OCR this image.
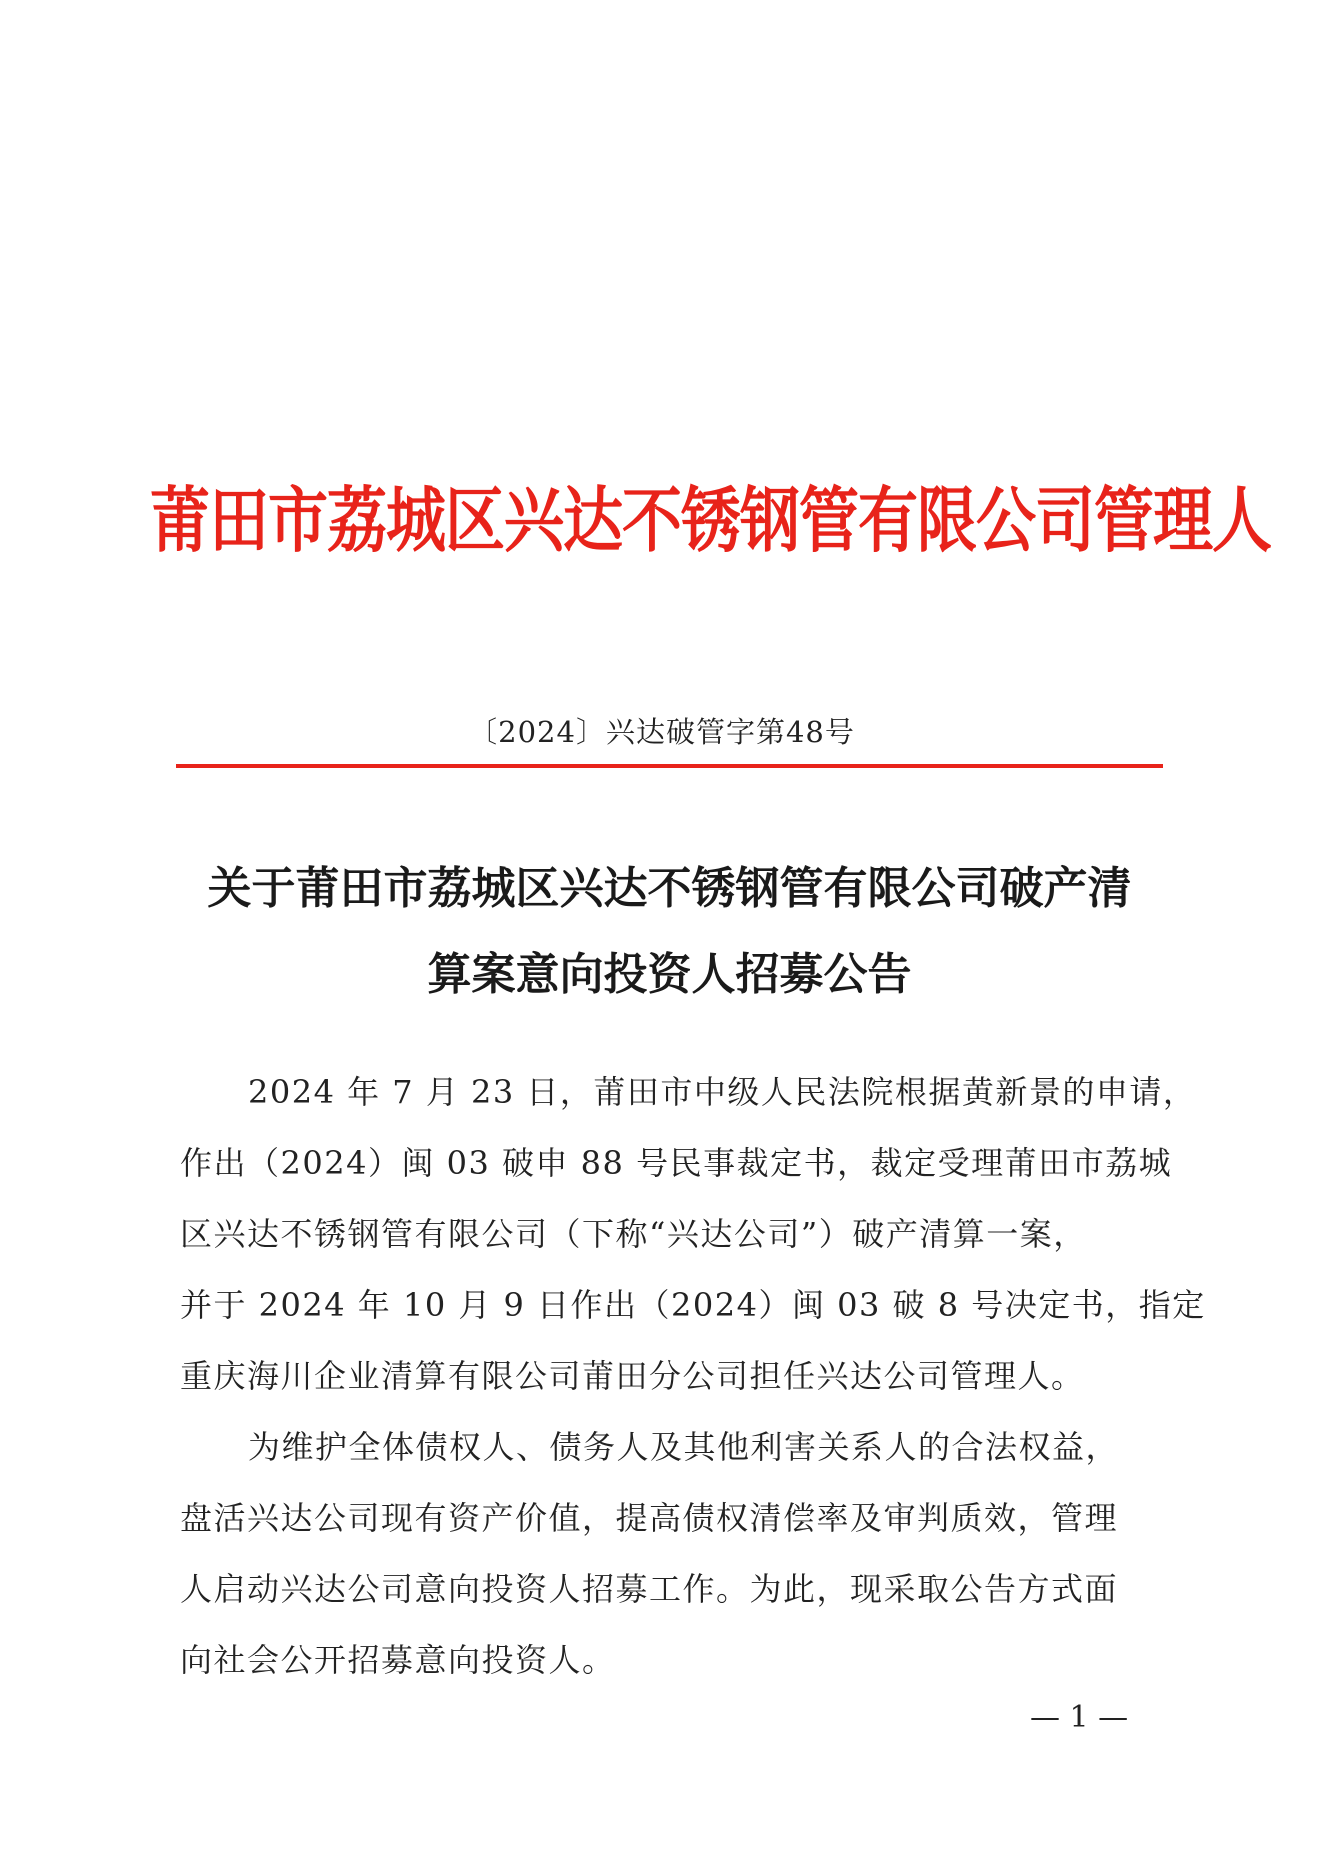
莆田市荔城区兴达不锈钢管有限公司管理人
〔2024〕兴达破管字第48号
关于莆田市荔城区兴达不锈钢管有限公司破产清
算案意向投资人招募公告
2024 年 7 月 23 日，莆田市中级人民法院根据黄新景的申请，
作出（2024）闽 03 破申 88 号民事裁定书，裁定受理莆田市荔城
区兴达不锈钢管有限公司（下称“兴达公司”）破产清算一案，
并于 2024 年 10 月 9 日作出（2024）闽 03 破 8 号决定书，指定
重庆海川企业清算有限公司莆田分公司担任兴达公司管理人。
为维护全体债权人、债务人及其他利害关系人的合法权益，
盘活兴达公司现有资产价值，提高债权清偿率及审判质效，管理
人启动兴达公司意向投资人招募工作。为此，现采取公告方式面
向社会公开招募意向投资人。
— 1 —
